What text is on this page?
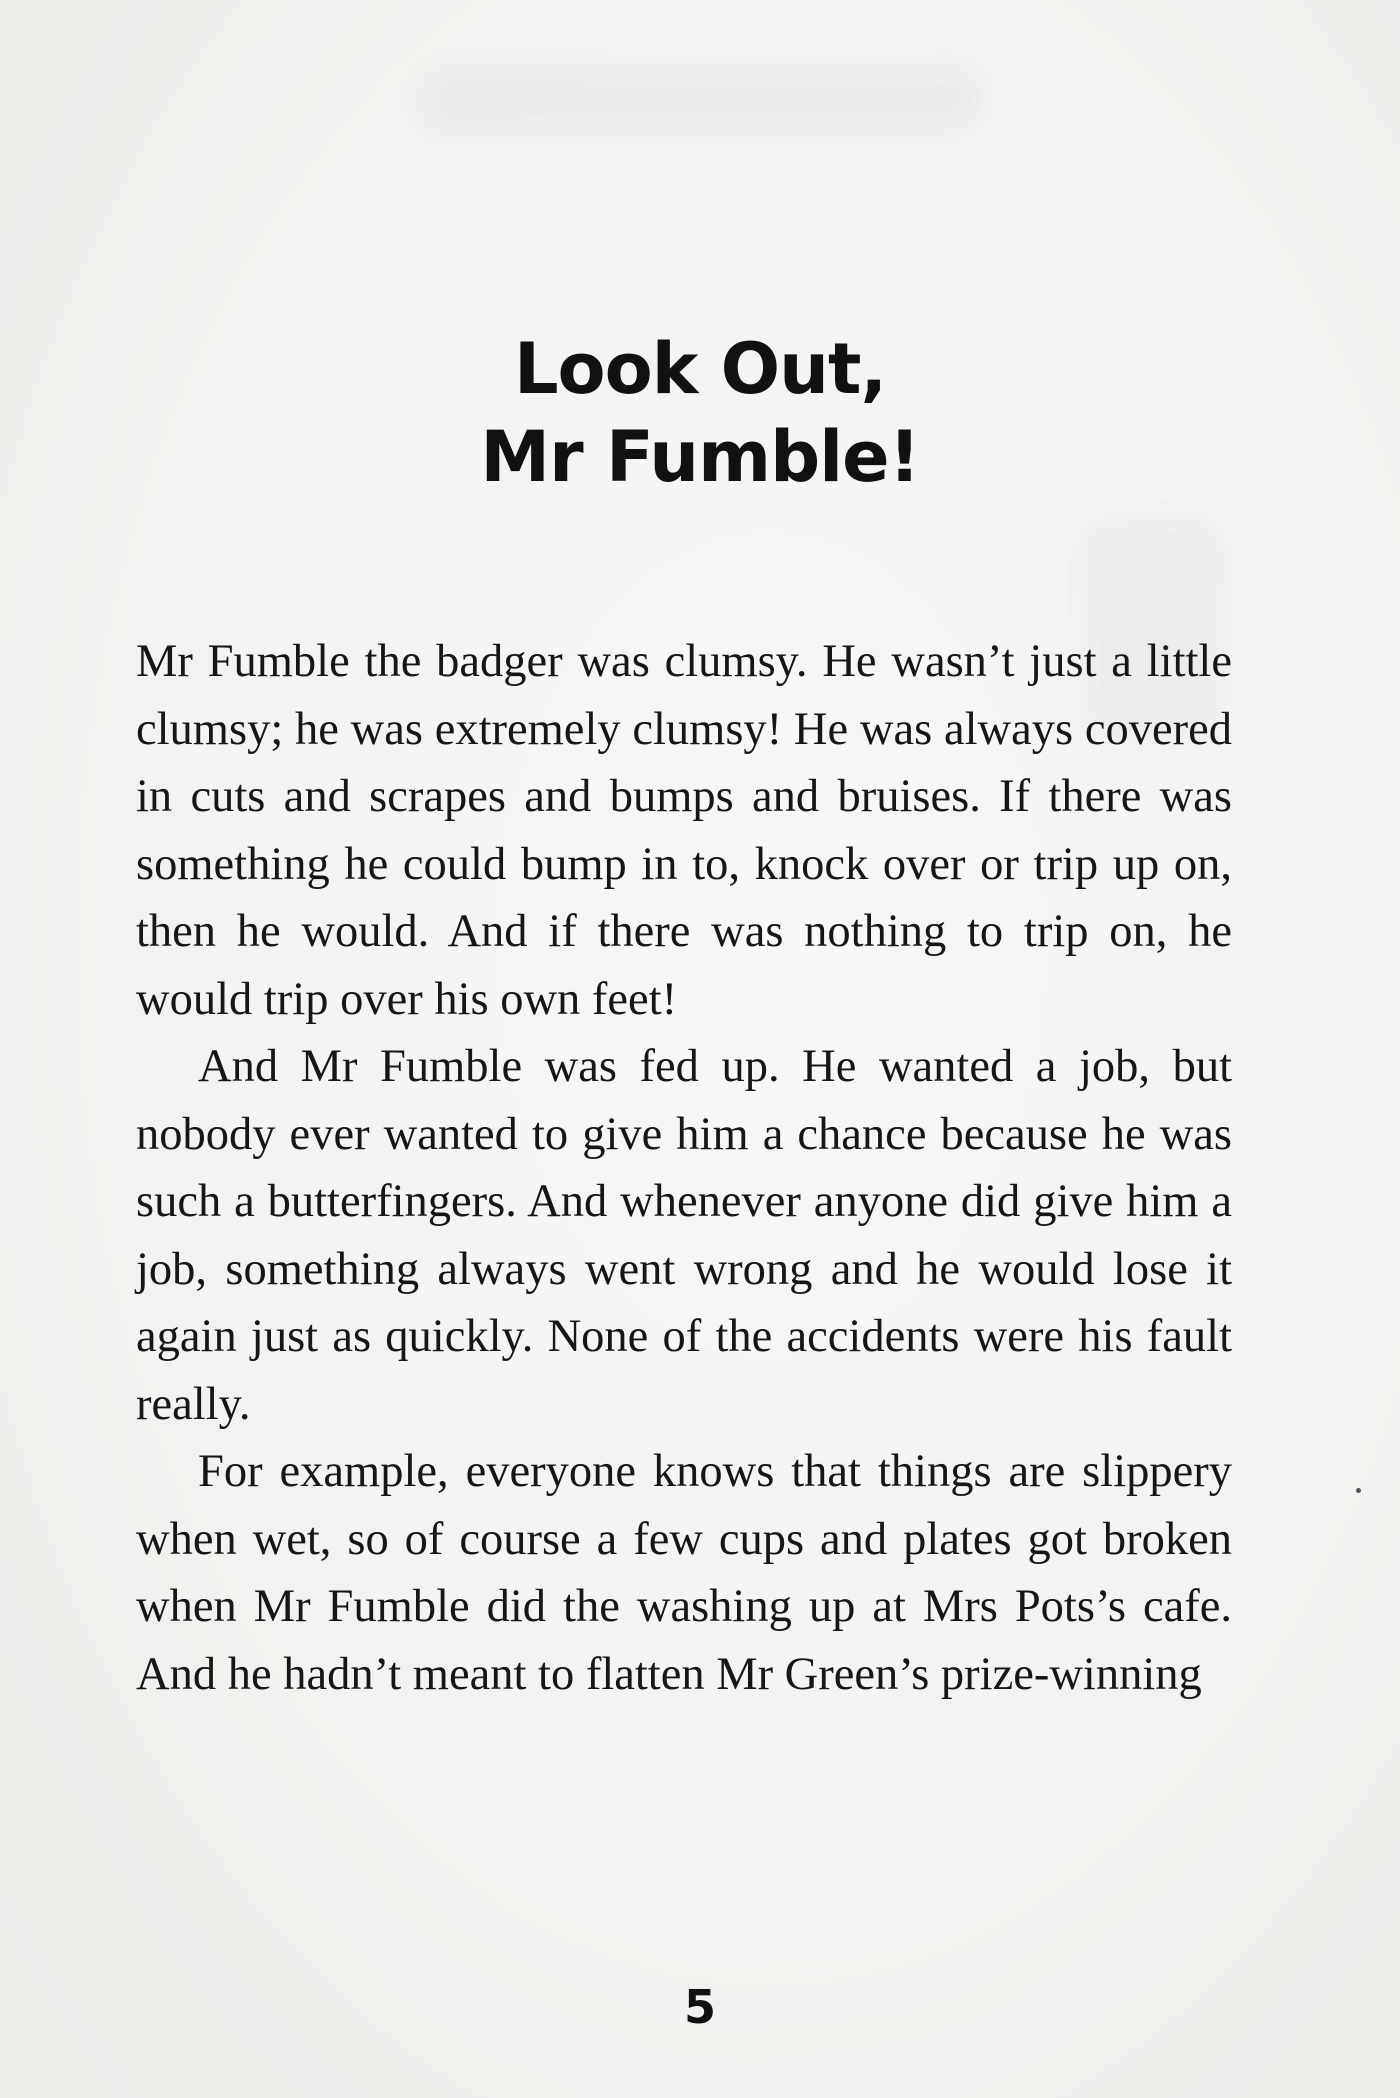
Look Out,
Mr Fumble!

Mr Fumble the badger was clumsy. He wasn’t just a little clumsy; he was extremely clumsy! He was always covered in cuts and scrapes and bumps and bruises. If there was something he could bump in to, knock over or trip up on, then he would. And if there was nothing to trip on, he would trip over his own feet!

And Mr Fumble was fed up. He wanted a job, but nobody ever wanted to give him a chance because he was such a butterfingers. And whenever anyone did give him a job, something always went wrong and he would lose it again just as quickly. None of the accidents were his fault really.

For example, everyone knows that things are slippery when wet, so of course a few cups and plates got broken when Mr Fumble did the washing up at Mrs Pots’s cafe. And he hadn’t meant to flatten Mr Green’s prize-winning

5
